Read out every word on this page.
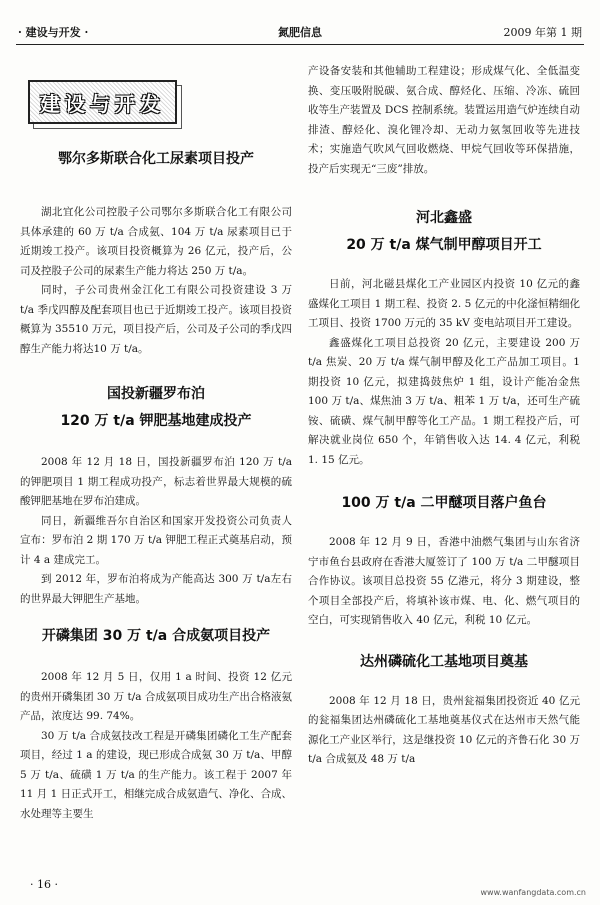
· 建设与开发 ·	氮肥信息	2009 年第 1 期
建设与开发
鄂尔多斯联合化工尿素项目投产

湖北宜化公司控股子公司鄂尔多斯联合化工有限公司具体承建的 60 万 t/a 合成氨、104 万 t/a 尿素项目已于近期竣工投产。该项目投资概算为 26 亿元，投产后，公司及控股子公司的尿素生产能力将达 250 万 t/a。

同时，子公司贵州金江化工有限公司投资建设 3 万 t/a 季戊四醇及配套项目也已于近期竣工投产。该项目投资概算为 35510 万元，项目投产后，公司及子公司的季戊四醇生产能力将达10 万 t/a。

国投新疆罗布泊
120 万 t/a 钾肥基地建成投产

2008 年 12 月 18 日，国投新疆罗布泊 120 万 t/a 的钾肥项目 1 期工程成功投产，标志着世界最大规模的硫酸钾肥基地在罗布泊建成。

同日，新疆维吾尔自治区和国家开发投资公司负责人宣布：罗布泊 2 期 170 万 t/a 钾肥工程正式奠基启动，预计 4 a 建成完工。

到 2012 年，罗布泊将成为产能高达 300 万 t/a左右的世界最大钾肥生产基地。

开磷集团 30 万 t/a 合成氨项目投产

2008 年 12 月 5 日，仅用 1 a 时间、投资 12 亿元的贵州开磷集团 30 万 t/a 合成氨项目成功生产出合格液氨产品，浓度达 99. 74%。

30 万 t/a 合成氨技改工程是开磷集团磷化工生产配套项目，经过 1 a 的建设，现已形成合成氨 30 万 t/a、甲醇 5 万 t/a、硫磺 1 万 t/a 的生产能力。该工程于 2007 年 11 月 1 日正式开工，相继完成合成氨造气、净化、合成、水处理等主要生

产设备安装和其他辅助工程建设；形成煤气化、全低温变换、变压吸附脱碳、氨合成、醇烃化、压缩、冷冻、硫回收等生产装置及 DCS 控制系统。装置运用造气炉连续自动排渣、醇烃化、溴化锂冷却、无动力氨氢回收等先进技术；实施造气吹风气回收燃烧、甲烷气回收等环保措施，投产后实现无“三废”排放。

河北鑫盛
20 万 t/a 煤气制甲醇项目开工

日前，河北磁县煤化工产业园区内投资 10 亿元的鑫盛煤化工项目 1 期工程、投资 2. 5 亿元的中化滏恒精细化工项目、投资 1700 万元的 35 kV 变电站项目开工建设。

鑫盛煤化工项目总投资 20 亿元，主要建设 200 万 t/a 焦炭、20 万 t/a 煤气制甲醇及化工产品加工项目。1 期投资 10 亿元，拟建捣鼓焦炉 1 组，设计产能冶金焦 100 万 t/a、煤焦油 3 万 t/a、粗苯 1 万 t/a，还可生产硫铵、硫磺、煤气制甲醇等化工产品。1 期工程投产后，可解决就业岗位 650 个，年销售收入达 14. 4 亿元，利税 1. 15 亿元。

100 万 t/a 二甲醚项目落户鱼台

2008 年 12 月 9 日，香港中油燃气集团与山东省济宁市鱼台县政府在香港大厦签订了 100 万 t/a 二甲醚项目合作协议。该项目总投资 55 亿港元，将分 3 期建设，整个项目全部投产后，将填补该市煤、电、化、燃气项目的空白，可实现销售收入 40 亿元，利税 10 亿元。

达州磷硫化工基地项目奠基

2008 年 12 月 18 日，贵州瓮福集团投资近 40 亿元的瓮福集团达州磷硫化工基地奠基仪式在达州市天然气能源化工产业区举行，这是继投资 10 亿元的齐鲁石化 30 万 t/a 合成氨及 48 万 t/a

· 16 ·
www.wanfangdata.com.cn
